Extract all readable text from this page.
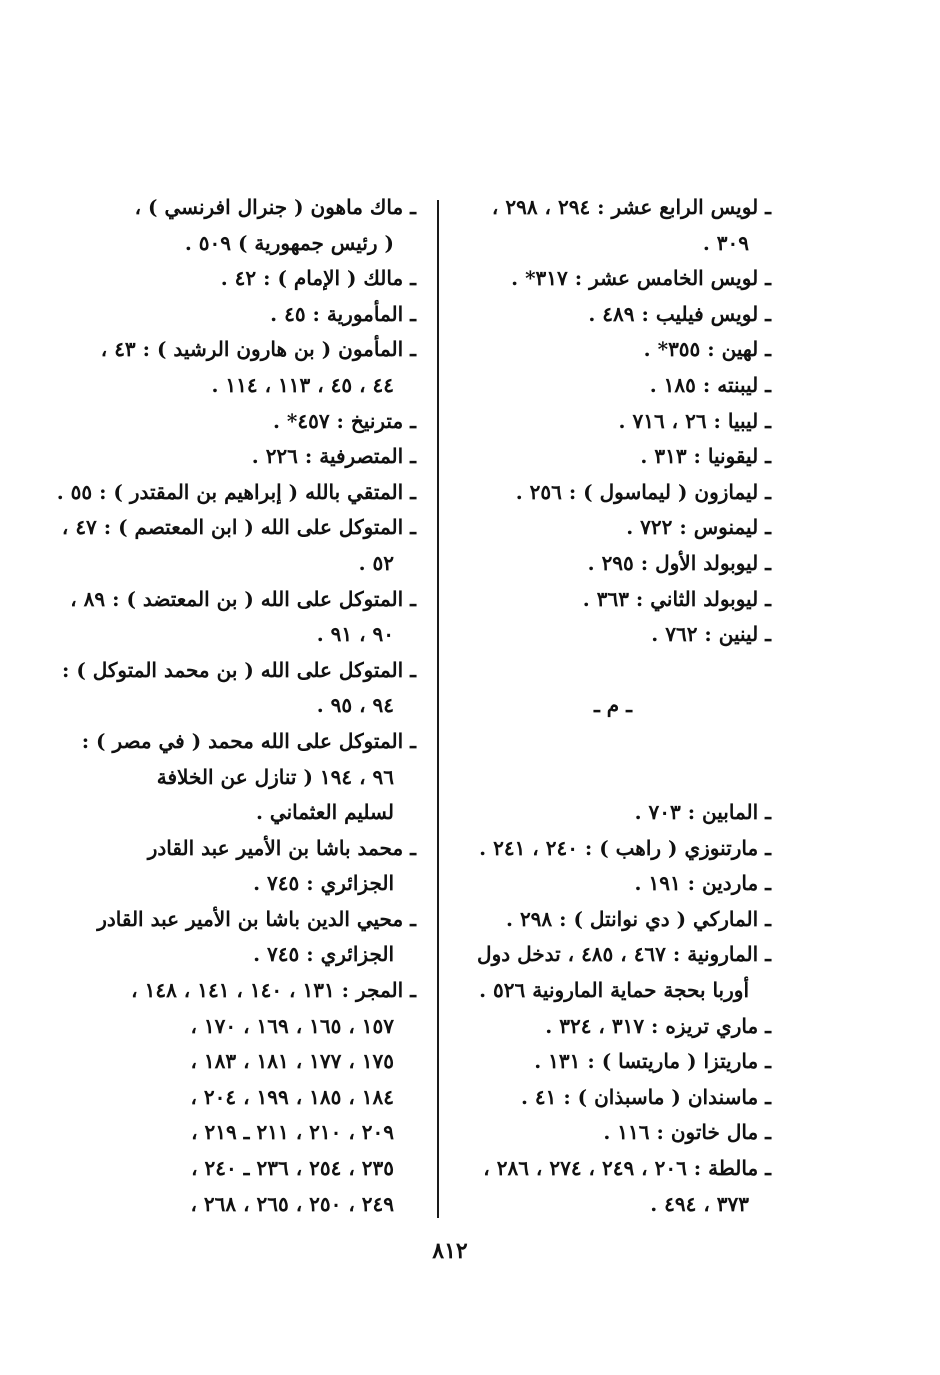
ـ لويس الرابع عشر : ٢٩٤ ، ٢٩٨ ،
٣٠٩ .
ـ لويس الخامس عشر : ٣١٧* .
ـ لويس فيليب : ٤٨٩ .
ـ لهين : ٣٥٥* .
ـ ليبنته : ١٨٥ .
ـ ليبيا : ٢٦ ، ٧١٦ .
ـ ليقونيا : ٣١٣ .
ـ ليمازون ( ليماسول ) : ٢٥٦ .
ـ ليمنوس : ٧٢٢ .
ـ ليوبولد الأول : ٢٩٥ .
ـ ليوبولد الثاني : ٣٦٣ .
ـ لينين : ٧٦٢ .
ـ م ـ
ـ المابين : ٧٠٣ .
ـ مارتنوزي ( راهب ) : ٢٤٠ ، ٢٤١ .
ـ ماردين : ١٩١ .
ـ الماركي ( دي نوانتل ) : ٢٩٨ .
ـ المارونية : ٤٦٧ ، ٤٨٥ ، تدخل دول
أوربا بحجة حماية المارونية ٥٢٦ .
ـ ماري تريزه : ٣١٧ ، ٣٢٤ .
ـ ماريتزا ( ماريتسا ) : ١٣١ .
ـ ماسندان ( ماسبذان ) : ٤١ .
ـ مال خاتون : ١١٦ .
ـ مالطة : ٢٠٦ ، ٢٤٩ ، ٢٧٤ ، ٢٨٦ ،
٣٧٣ ، ٤٩٤ .
ـ ماك ماهون ( جنرال افرنسي ) ،
( رئيس جمهورية ) ٥٠٩ .
ـ مالك ( الإمام ) : ٤٢ .
ـ المأمورية : ٤٥ .
ـ المأمون ( بن هارون الرشيد ) : ٤٣ ،
٤٤ ، ٤٥ ، ١١٣ ، ١١٤ .
ـ مترنيخ : ٤٥٧* .
ـ المتصرفية : ٢٢٦ .
ـ المتقي بالله ( إبراهيم بن المقتدر ) : ٥٥ .
ـ المتوكل على الله ( ابن المعتصم ) : ٤٧ ،
٥٢ .
ـ المتوكل على الله ( بن المعتضد ) : ٨٩ ،
٩٠ ، ٩١ .
ـ المتوكل على الله ( بن محمد المتوكل ) :
٩٤ ، ٩٥ .
ـ المتوكل على الله محمد ( في مصر ) :
٩٦ ، ١٩٤ ( تنازل عن الخلافة
لسليم العثماني .
ـ محمد باشا بن الأمير عبد القادر
الجزائري : ٧٤٥ .
ـ محيي الدين باشا بن الأمير عبد القادر
الجزائري : ٧٤٥ .
ـ المجر : ١٣١ ، ١٤٠ ، ١٤١ ، ١٤٨ ،
١٥٧ ، ١٦٥ ، ١٦٩ ، ١٧٠ ،
١٧٥ ، ١٧٧ ، ١٨١ ، ١٨٣ ،
١٨٤ ، ١٨٥ ، ١٩٩ ، ٢٠٤ ،
٢٠٩ ، ٢١٠ ، ٢١١ ـ ٢١٩ ،
٢٣٥ ، ٢٥٤ ، ٢٣٦ ـ ٢٤٠ ،
٢٤٩ ، ٢٥٠ ، ٢٦٥ ، ٢٦٨ ،
٨١٢
